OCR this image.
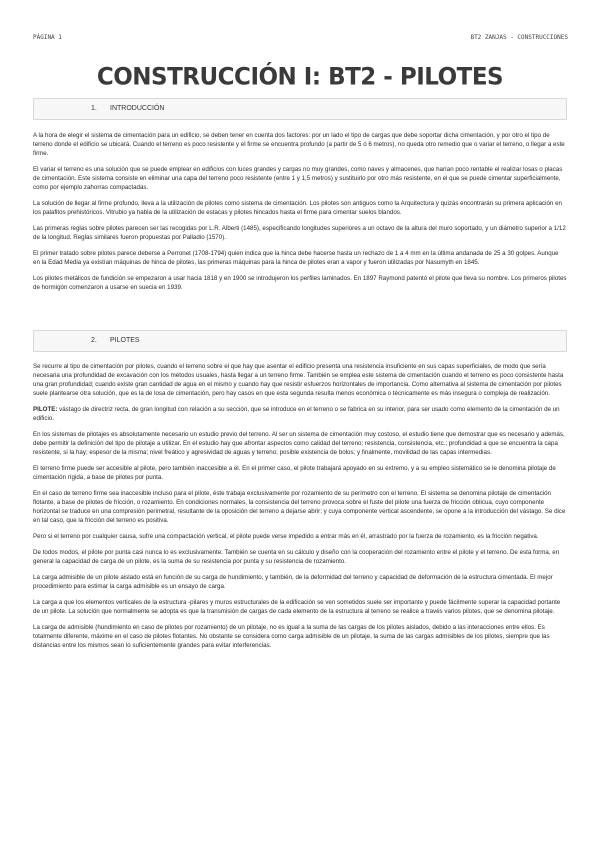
PÁGINA 1	BT2 ZANJAS - CONSTRUCCIONES
CONSTRUCCIÓN I: BT2 - PILOTES
1. INTRODUCCIÓN

A la hora de elegir el sistema de cimentación para un edificio, se deben tener en cuenta dos factores: por un lado el tipo de cargas que debe soportar dicha cimentación, y por otro el tipo de terreno donde el edificio se ubicará. Cuando el terreno es poco resistente y el firme se encuentra profundo (a partir de 5 ó 6 metros), no queda otro remedio que o variar el terreno, o llegar a este firme.

El variar el terreno es una solución que se puede emplear en edificios con luces grandes y cargas no muy grandes, como naves y almacenes, que harían poco rentable el realizar losas o placas de cimentación. Este sistema consiste en eliminar una capa del terreno poco resistente (entre 1 y 1,5 metros) y sustituirlo por otro más resistente, en el que se puede cimentar superficialmente, como por ejemplo zahorras compactadas.

La solución de llegar al firme profundo, lleva a la utilización de pilotes como sistema de cimentación. Los pilotes son antiguos como la Arquitectura y quizás encontrarán su primera aplicación en los palafitos prehistóricos. Vitrubio ya habla de la utilización de estacas y pilotes hincados hasta el firme para cimentar suelos blandos.

Las primeras reglas sobre pilotes parecen ser las recogidas por L.R. Alberti (1485), especificando longitudes superiores a un octavo de la altura del muro soportado, y un diámetro superior a 1/12 de la longitud. Reglas similares fueron propuestas por Palladio (1570).

El primer tratado sobre pilotes parece deberse a Perronet (1708-1794) quien indica que la hinca debe hacerse hasta un rechazo de 1 a 4 mm en la última andanada de 25 a 30 golpes. Aunque en la Edad Media ya existían máquinas de hinca de pilotes, las primeras máquinas para la hinca de pilotes eran a vapor y fueron utilizadas por Nasumyth en 1845.

Los pilotes metálicos de fundición se empezaron a usar hacia 1818 y en 1900 se introdujeron los perfiles laminados. En 1897 Raymond patentó el pilote que lleva su nombre. Los primeros pilotes de hormigón comenzaron a usarse en suecia en 1939.

2. PILOTES

Se recurre al tipo de cimentación por pilotes, cuando el terreno sobre el que hay que asentar el edificio presenta una resistencia insuficiente en sus capas superficiales, de modo que sería necesaria una profundidad de excavación con los métodos usuales, hasta llegar a un terreno firme. También se emplea este sistema de cimentación cuando el terreno es poco consistente hasta una gran profundidad; cuando existe gran cantidad de agua en el mismo y cuando hay que resistir esfuerzos horizontales de importancia. Como alternativa al sistema de cimentación por pilotes suele plantearse otra solución, que es la de losa de cimentación, pero hay casos en que esta segunda resulta menos económica o técnicamente es más insegura o compleja de realización.

PILOTE: vástago de directriz recta, de gran longitud con relación a su sección, que se introduce en el terreno o se fabrica en su interior, para ser usado como elemento de la cimentación de un edificio.

En los sistemas de pilotajes es absolutamente necesario un estudio previo del terreno. Al ser un sistema de cimentación muy costoso, el estudio tiene que demostrar que es necesario y además, debe permitir la definición del tipo de pilotaje a utilizar. En el estudio hay que afrontar aspectos como calidad del terreno; resistencia, consistencia, etc.; profundidad a que se encuentra la capa resistente, si la hay; espesor de la misma; nivel freático y agresividad de aguas y terreno; posible existencia de bolos; y finalmente, movilidad de las capas intermedias.

El terreno firme puede ser accesible al pilote, pero también inaccesible a él. En el primer caso, el pilote trabajará apoyado en su extremo, y a su empleo sistemático se le denomina pilotaje de cimentación rígida, a base de pilotes por punta.

En el caso de terreno firme sea inaccesible incluso para el pilote, éste trabaja exclusivamente por rozamiento de su perímetro con el terreno. El sistema se denomina pilotaje de cimentación flotante, a base de pilotes de fricción, o rozamiento. En condiciones normales, la consistencia del terreno provoca sobre el fuste del pilote una fuerza de fricción oblicua, cuyo componente horizontal se traduce en una compresión perimetral, resultante de la oposición del terreno a dejarse abrir; y cuya componente vertical ascendente, se opone a la introducción del vástago. Se dice en tal caso, que la fricción del terreno es positiva.

Pero si el terreno por cualquier causa, sufre una compactación vertical, el pilote puede verse impedido a entrar más en él, arrastrado por la fuerza de rozamiento, es la fricción negativa.

De todos modos, el pilote por punta casi nunca lo es exclusivamente. También se cuenta en su cálculo y diseño con la cooperación del rozamiento entre el pilote y el terreno. De esta forma, en general la capacidad de carga de un pilote, es la suma de su resistencia por punta y su resistencia de rozamiento.

La carga admisible de un pilote aislado está en función de su carga de hundimiento, y también, de la deformidad del terreno y capacidad de deformación de la estructura cimentada. El mejor procedimiento para estimar la carga admisible es un ensayo de carga.

La carga a que los elementos verticales de la estructura -pilares y muros estructurales de la edificación se ven sometidos suele ser importante y puede fácilmente superar la capacidad portante de un pilote. La solución que normalmente se adopta es que la transmisión de cargas de cada elemento de la estructura al terreno se realice a través varios pilotes, que se denomina pilotaje.

La carga de admisible (hundimiento en caso de pilotes por rozamiento) de un pilotaje, no es igual a la suma de las cargas de los pilotes aislados, debido a las interacciones entre ellos. Es totalmente diferente, máxime en el caso de pilotes flotantes. No obstante se considera como carga admisible de un pilotaje, la suma de las cargas admisibles de los pilotes, siempre que las distancias entre los mismos sean lo suficientemente grandes para evitar interferencias.
